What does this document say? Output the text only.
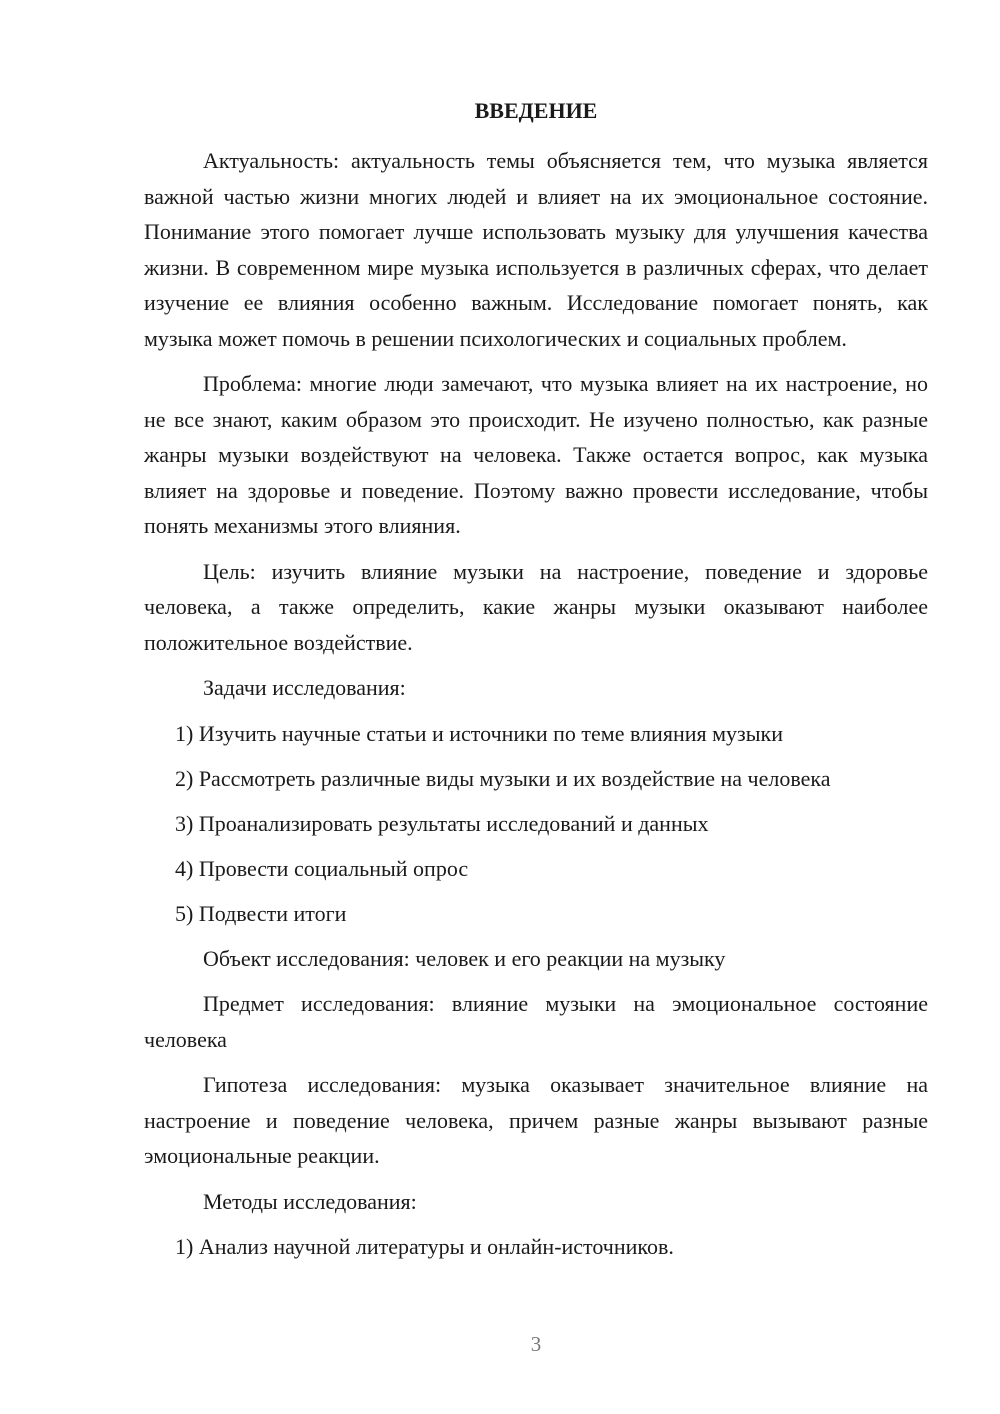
ВВЕДЕНИЕ

Актуальность: актуальность темы объясняется тем, что музыка является важной частью жизни многих людей и влияет на их эмоциональное состояние. Понимание этого помогает лучше использовать музыку для улучшения качества жизни. В современном мире музыка используется в различных сферах, что делает изучение ее влияния особенно важным. Исследование помогает понять, как музыка может помочь в решении психологических и социальных проблем.

Проблема: многие люди замечают, что музыка влияет на их настроение, но не все знают, каким образом это происходит. Не изучено полностью, как разные жанры музыки воздействуют на человека. Также остается вопрос, как музыка влияет на здоровье и поведение. Поэтому важно провести исследование, чтобы понять механизмы этого влияния.

Цель: изучить влияние музыки на настроение, поведение и здоровье человека, а также определить, какие жанры музыки оказывают наиболее положительное воздействие.

Задачи исследования:

1) Изучить научные статьи и источники по теме влияния музыки

2) Рассмотреть различные виды музыки и их воздействие на человека

3) Проанализировать результаты исследований и данных

4) Провести социальный опрос

5) Подвести итоги

Объект исследования: человек и его реакции на музыку

Предмет исследования: влияние музыки на эмоциональное состояние человека

Гипотеза исследования: музыка оказывает значительное влияние на настроение и поведение человека, причем разные жанры вызывают разные эмоциональные реакции.

Методы исследования:

1) Анализ научной литературы и онлайн-источников.

3
